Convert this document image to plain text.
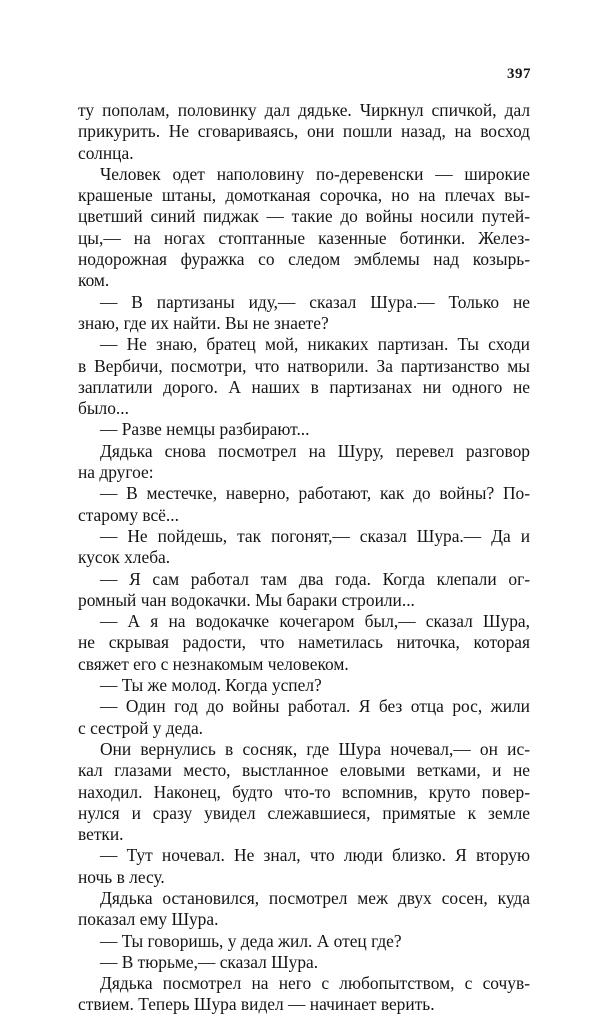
397
ту пополам, половинку дал дядьке. Чиркнул спичкой, дал
прикурить. Не сговариваясь, они пошли назад, на восход
солнца.
Человек одет наполовину по-деревенски — широкие
крашеные штаны, домотканая сорочка, но на плечах вы-
цветший синий пиджак — такие до войны носили путей-
цы,— на ногах стоптанные казенные ботинки. Желез-
нодорожная фуражка со следом эмблемы над козырь-
ком.
— В партизаны иду,— сказал Шура.— Только не
знаю, где их найти. Вы не знаете?
— Не знаю, братец мой, никаких партизан. Ты сходи
в Вербичи, посмотри, что натворили. За партизанство мы
заплатили дорого. А наших в партизанах ни одного не
было...
— Разве немцы разбирают...
Дядька снова посмотрел на Шуру, перевел разговор
на другое:
— В местечке, наверно, работают, как до войны? По-
старому всё...
— Не пойдешь, так погонят,— сказал Шура.— Да и
кусок хлеба.
— Я сам работал там два года. Когда клепали ог-
ромный чан водокачки. Мы бараки строили...
— А я на водокачке кочегаром был,— сказал Шура,
не скрывая радости, что наметилась ниточка, которая
свяжет его с незнакомым человеком.
— Ты же молод. Когда успел?
— Один год до войны работал. Я без отца рос, жили
с сестрой у деда.
Они вернулись в сосняк, где Шура ночевал,— он ис-
кал глазами место, выстланное еловыми ветками, и не
находил. Наконец, будто что-то вспомнив, круто повер-
нулся и сразу увидел слежавшиеся, примятые к земле
ветки.
— Тут ночевал. Не знал, что люди близко. Я вторую
ночь в лесу.
Дядька остановился, посмотрел меж двух сосен, куда
показал ему Шура.
— Ты говоришь, у деда жил. А отец где?
— В тюрьме,— сказал Шура.
Дядька посмотрел на него с любопытством, с сочув-
ствием. Теперь Шура видел — начинает верить.
